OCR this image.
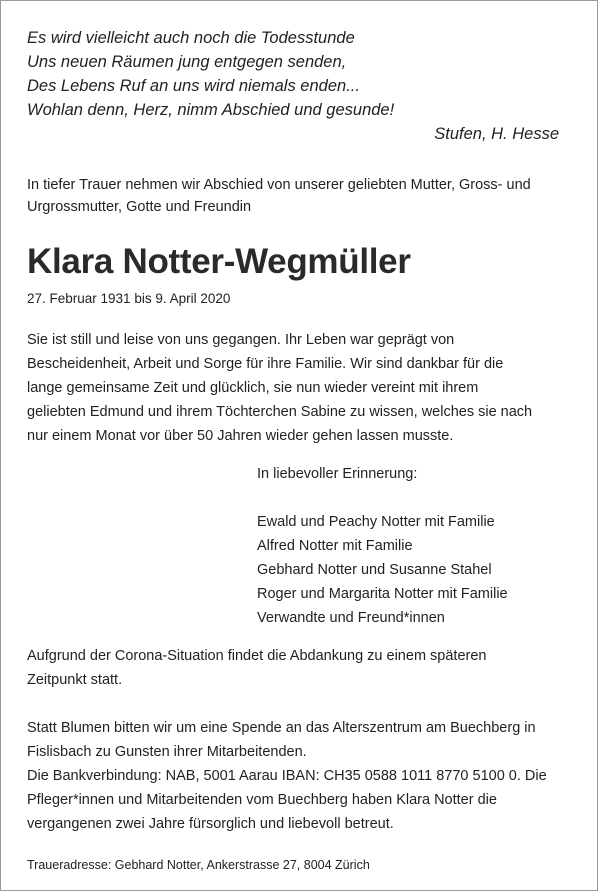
Es wird vielleicht auch noch die Todesstunde
Uns neuen Räumen jung entgegen senden,
Des Lebens Ruf an uns wird niemals enden...
Wohlan denn, Herz, nimm Abschied und gesunde!
Stufen, H. Hesse
In tiefer Trauer nehmen wir Abschied von unserer geliebten Mutter, Gross- und
Urgrossmutter, Gotte und Freundin
Klara Notter-Wegmüller
27. Februar 1931 bis 9. April 2020
Sie ist still und leise von uns gegangen. Ihr Leben war geprägt von
Bescheidenheit, Arbeit und Sorge für ihre Familie. Wir sind dankbar für die
lange gemeinsame Zeit und glücklich, sie nun wieder vereint mit ihrem
geliebten Edmund und ihrem Töchterchen Sabine zu wissen, welches sie nach
nur einem Monat vor über 50 Jahren wieder gehen lassen musste.
In liebevoller Erinnerung:
Ewald und Peachy Notter mit Familie
Alfred Notter mit Familie
Gebhard Notter und Susanne Stahel
Roger und Margarita Notter mit Familie
Verwandte und Freund*innen
Aufgrund der Corona-Situation findet die Abdankung zu einem späteren
Zeitpunkt statt.
Statt Blumen bitten wir um eine Spende an das Alterszentrum am Buechberg in
Fislisbach zu Gunsten ihrer Mitarbeitenden.
Die Bankverbindung: NAB, 5001 Aarau IBAN: CH35 0588 1011 8770 5100 0. Die
Pfleger*innen und Mitarbeitenden vom Buechberg haben Klara Notter die
vergangenen zwei Jahre fürsorglich und liebevoll betreut.
Traueradresse: Gebhard Notter, Ankerstrasse 27, 8004 Zürich
